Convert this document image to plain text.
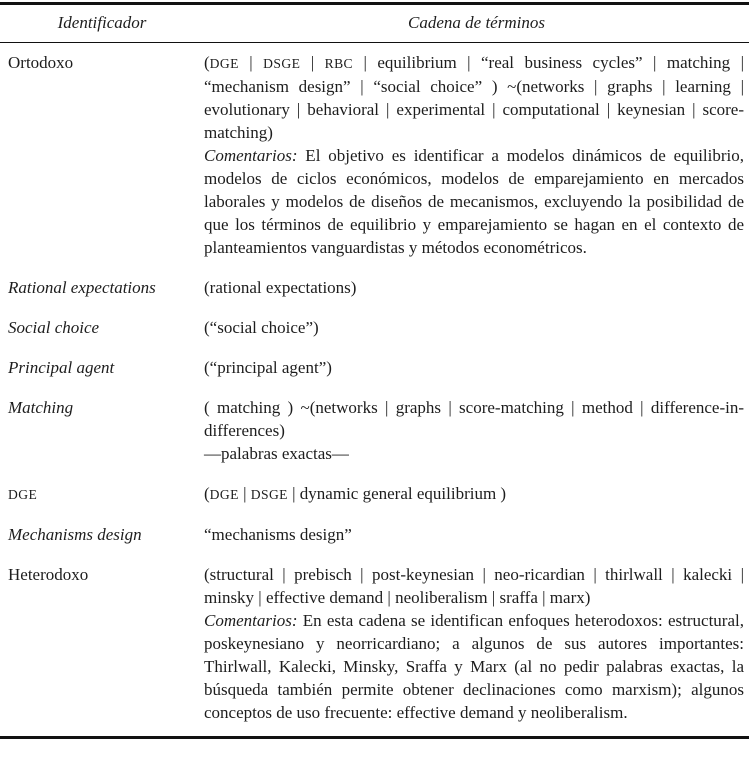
Identificador	Cadena de términos
Ortodoxo	(DGE | DSGE | RBC | equilibrium | “real business cycles” | matching | “mechanism design” | “social choice” ) ~(networks | graphs | learning | evolutionary | behavioral | experimental | computational | keynesian | score-matching)

Comentarios: El objetivo es identificar a modelos dinámicos de equilibrio, modelos de ciclos económicos, modelos de emparejamiento en mercados laborales y modelos de diseños de mecanismos, excluyendo la posibilidad de que los términos de equilibrio y emparejamiento se hagan en el contexto de planteamientos vanguardistas y métodos econométricos.

Rational expectations	(rational expectations)

Social choice	(“social choice”)

Principal agent	(“principal agent”)

Matching	( matching ) ~(networks | graphs | score-matching | method | difference-in-differences)

—palabras exactas—

DGE	(DGE | DSGE | dynamic general equilibrium )

Mechanisms design	“mechanisms design”

Heterodoxo	(structural | prebisch | post-keynesian | neo-ricardian | thirlwall | kalecki | minsky | effective demand | neoliberalism | sraffa | marx)

Comentarios: En esta cadena se identifican enfoques heterodoxos: estructural, poskeynesiano y neorricardiano; a algunos de sus autores importantes: Thirlwall, Kalecki, Minsky, Sraffa y Marx (al no pedir palabras exactas, la búsqueda también permite obtener declinaciones como marxism); algunos conceptos de uso frecuente: effective demand y neoliberalism.
